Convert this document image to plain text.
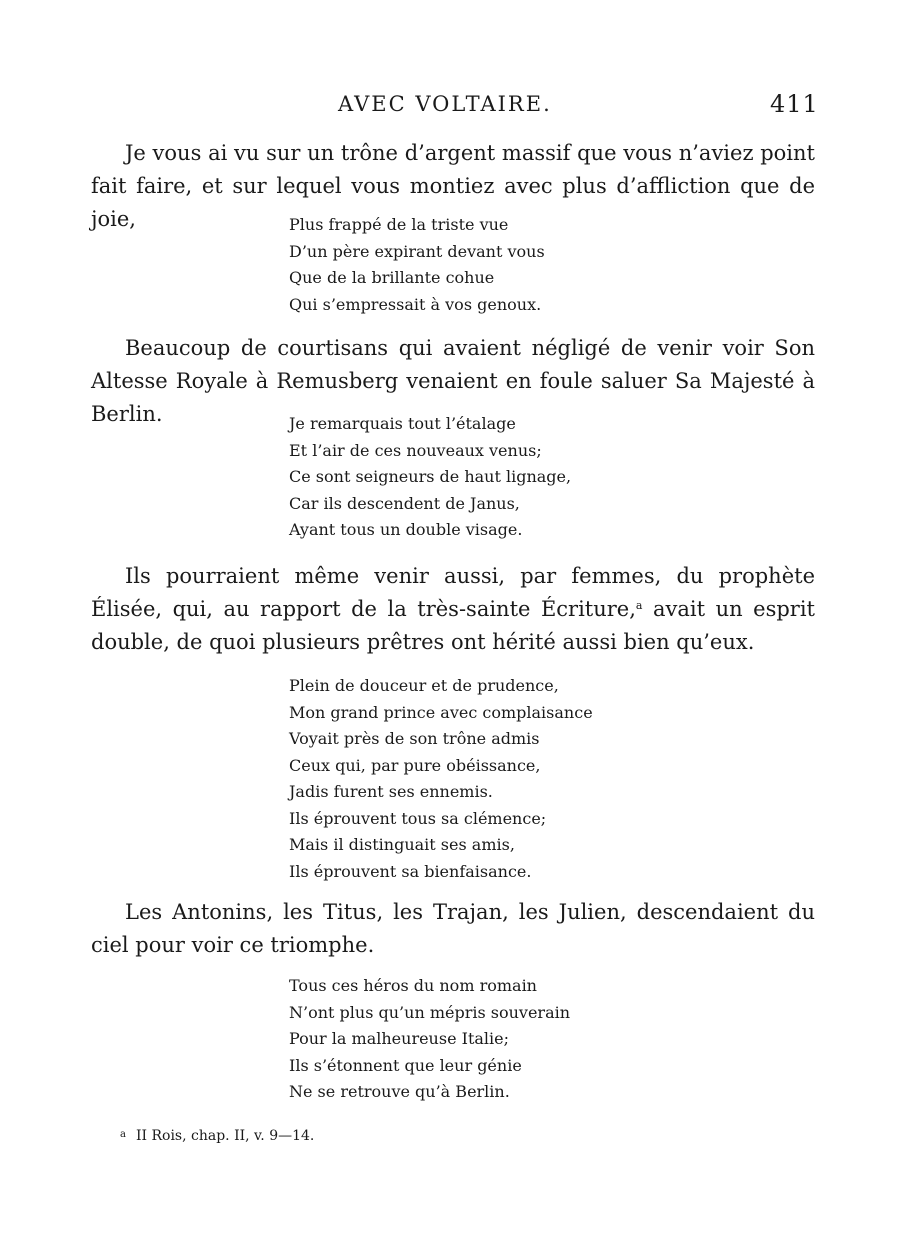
AVEC VOLTAIRE.	411

Je vous ai vu sur un trône d’argent massif que vous n’aviez point fait faire, et sur lequel vous montiez avec plus d’affliction que de joie,	Plus frappé de la triste vue
D’un père expirant devant vous
Que de la brillante cohue
Qui s’empressait à vos genoux.

Beaucoup de courtisans qui avaient négligé de venir voir Son Altesse Royale à Remusberg venaient en foule saluer Sa Majesté à Berlin.	Je remarquais tout l’étalage
Et l’air de ces nouveaux venus;
Ce sont seigneurs de haut lignage,
Car ils descendent de Janus,
Ayant tous un double visage.

Ils pourraient même venir aussi, par femmes, du prophète Élisée, qui, au rapport de la très-sainte Écriture,$^a$ avait un esprit double, de quoi plusieurs prêtres ont hérité aussi bien qu’eux.

Plein de douceur et de prudence,
Mon grand prince avec complaisance
Voyait près de son trône admis
Ceux qui, par pure obéissance,
Jadis furent ses ennemis.
Ils éprouvent tous sa clémence;
Mais il distinguait ses amis,
Ils éprouvent sa bienfaisance.

Les Antonins, les Titus, les Trajan, les Julien, descendaient du ciel pour voir ce triomphe.

Tous ces héros du nom romain
N’ont plus qu’un mépris souverain
Pour la malheureuse Italie;
Ils s’étonnent que leur génie
Ne se retrouve qu’à Berlin.
$^a$ II Rois, chap. II, v. 9—14.
